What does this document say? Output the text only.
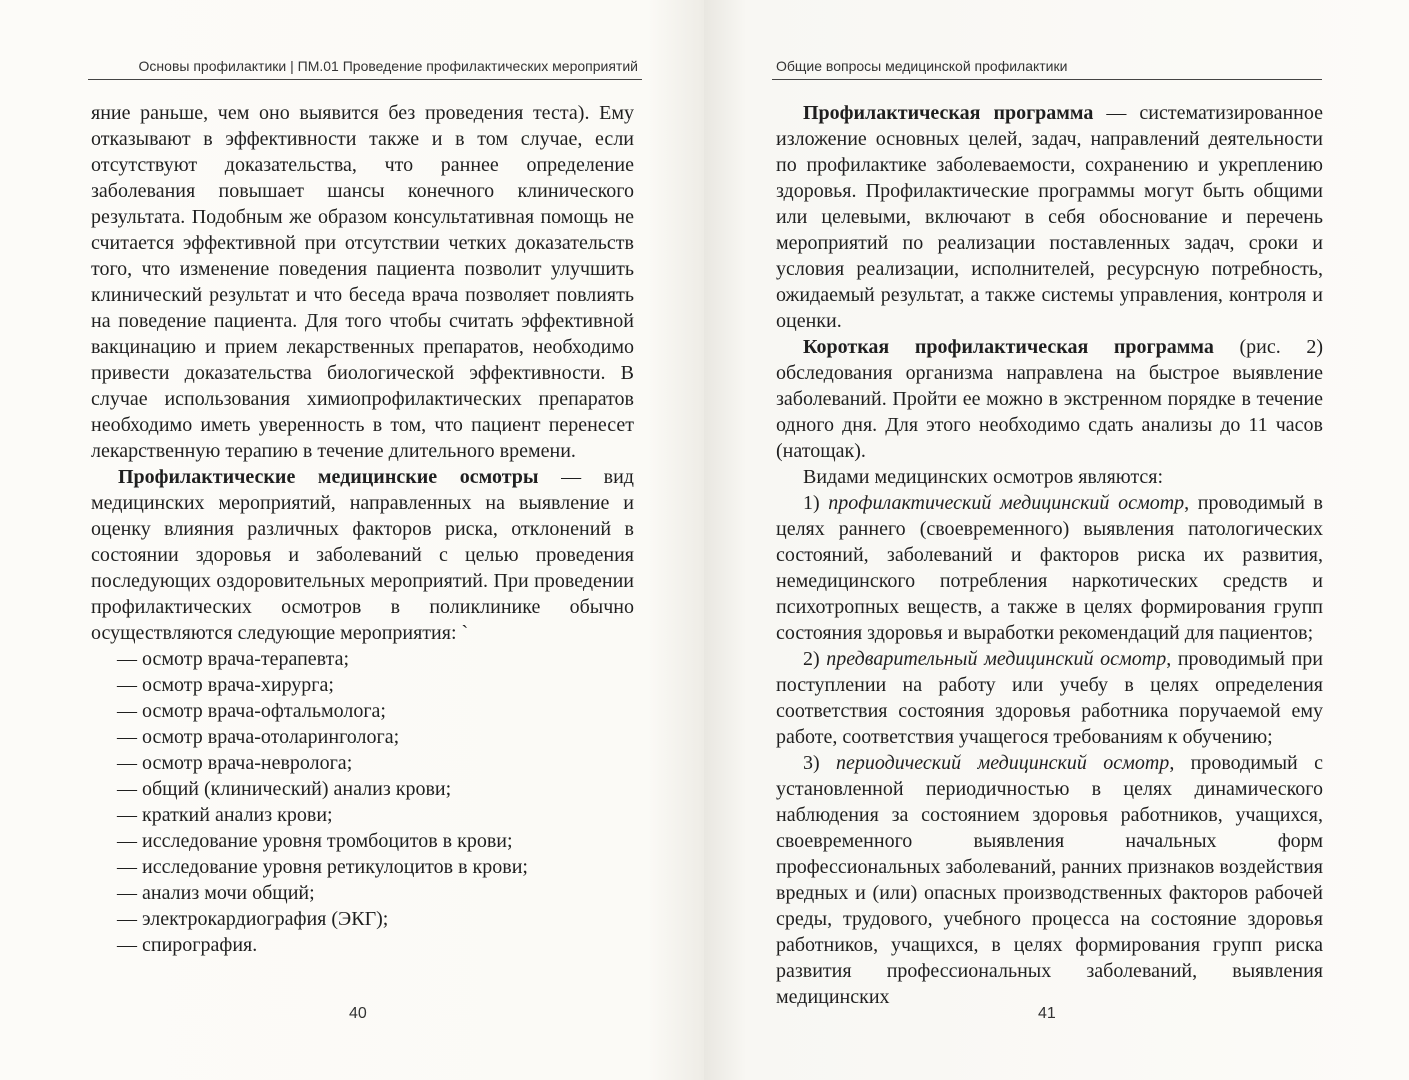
Основы профилактики | ПМ.01 Проведение профилактических мероприятий

яние раньше, чем оно выявится без проведения теста). Ему отказывают в эффективности также и в том случае, если отсутствуют доказательства, что раннее определение заболевания повышает шансы конечного клинического результата. Подобным же образом консультативная помощь не считается эффективной при отсутствии четких доказательств того, что изменение поведения пациента позволит улучшить клинический результат и что беседа врача позволяет повлиять на поведение пациента. Для того чтобы считать эффективной вакцинацию и прием лекарственных препаратов, необходимо привести доказательства биологической эффективности. В случае использования химиопрофилактических препаратов необходимо иметь уверенность в том, что пациент перенесет лекарственную терапию в течение длительного времени.

Профилактические медицинские осмотры — вид медицинских мероприятий, направленных на выявление и оценку влияния различных факторов риска, отклонений в состоянии здоровья и заболеваний с целью проведения последующих оздоровительных мероприятий. При проведении профилактических осмотров в поликлинике обычно осуществляются следующие мероприятия: `

— осмотр врача-терапевта;

— осмотр врача-хирурга;

— осмотр врача-офтальмолога;

— осмотр врача-отоларинголога;

— осмотр врача-невролога;

— общий (клинический) анализ крови;

— краткий анализ крови;

— исследование уровня тромбоцитов в крови;

— исследование уровня ретикулоцитов в крови;

— анализ мочи общий;

— электрокардиография (ЭКГ);

— спирография.

40
Общие вопросы медицинской профилактики

Профилактическая программа — систематизированное изложение основных целей, задач, направлений деятельности по профилактике заболеваемости, сохранению и укреплению здоровья. Профилактические программы могут быть общими или целевыми, включают в себя обоснование и перечень мероприятий по реализации поставленных задач, сроки и условия реализации, исполнителей, ресурсную потребность, ожидаемый результат, а также системы управления, контроля и оценки.

Короткая профилактическая программа (рис. 2) обследования организма направлена на быстрое выявление заболеваний. Пройти ее можно в экстренном порядке в течение одного дня. Для этого необходимо сдать анализы до 11 часов (натощак).

Видами медицинских осмотров являются:

1) профилактический медицинский осмотр, проводимый в целях раннего (своевременного) выявления патологических состояний, заболеваний и факторов риска их развития, немедицинского потребления наркотических средств и психотропных веществ, а также в целях формирования групп состояния здоровья и выработки рекомендаций для пациентов;

2) предварительный медицинский осмотр, проводимый при поступлении на работу или учебу в целях определения соответствия состояния здоровья работника поручаемой ему работе, соответствия учащегося требованиям к обучению;

3) периодический медицинский осмотр, проводимый с установленной периодичностью в целях динамического наблюдения за состоянием здоровья работников, учащихся, своевременного выявления начальных форм профессиональных заболеваний, ранних признаков воздействия вредных и (или) опасных производственных факторов рабочей среды, трудового, учебного процесса на состояние здоровья работников, учащихся, в целях формирования групп риска развития профессиональных заболеваний, выявления медицинских

41
